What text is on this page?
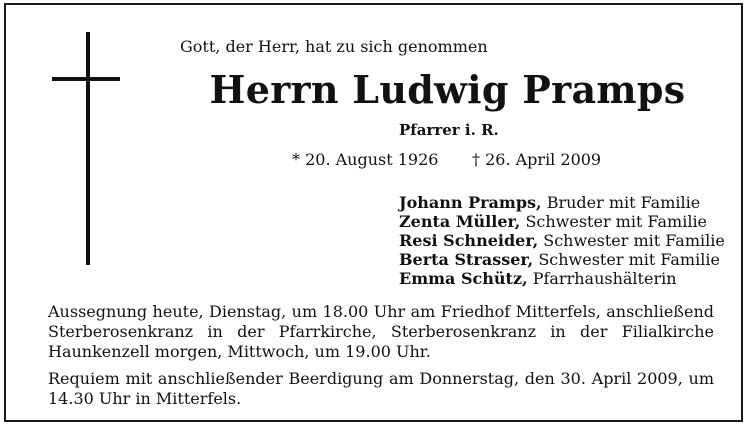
Gott, der Herr, hat zu sich genommen
Herrn Ludwig Pramps
Pfarrer i. R.
* 20. August 1926 † 26. April 2009
Johann Pramps, Bruder mit Familie
Zenta Müller, Schwester mit Familie
Resi Schneider, Schwester mit Familie
Berta Strasser, Schwester mit Familie
Emma Schütz, Pfarrhaushälterin
Aussegnung heute, Dienstag, um 18.00 Uhr am Friedhof Mitterfels, anschließend Sterberosenkranz in der Pfarrkirche, Sterberosenkranz in der Filialkirche Haunkenzell morgen, Mittwoch, um 19.00 Uhr.
Requiem mit anschließender Beerdigung am Donnerstag, den 30. April 2009, um 14.30 Uhr in Mitterfels.
